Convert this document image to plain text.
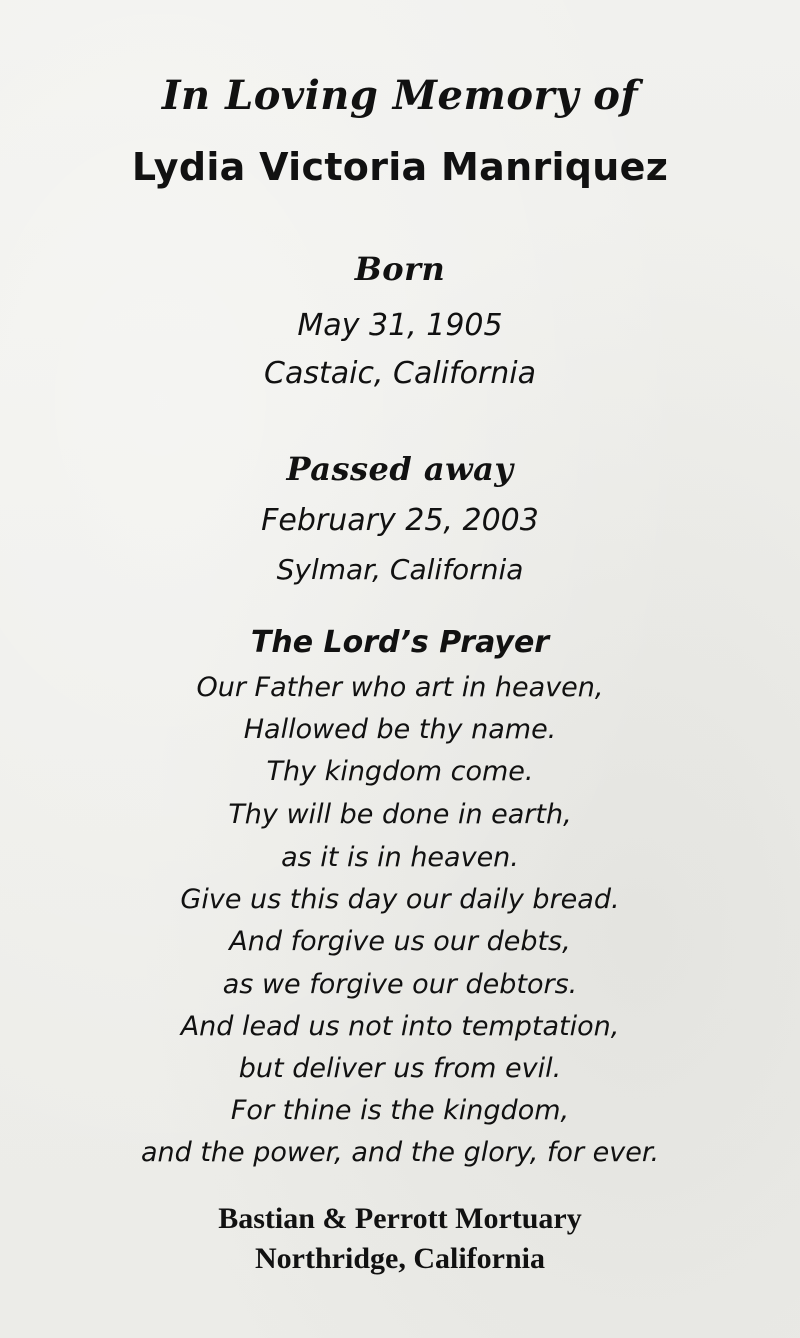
In Loving Memory of

Lydia Victoria Manriquez

Born

May 31, 1905

Castaic, California

Passed away

February 25, 2003

Sylmar, California

The Lord’s Prayer

Our Father who art in heaven,

Hallowed be thy name.

Thy kingdom come.

Thy will be done in earth,

as it is in heaven.

Give us this day our daily bread.

And forgive us our debts,

as we forgive our debtors.

And lead us not into temptation,

but deliver us from evil.

For thine is the kingdom,

and the power, and the glory, for ever.

Bastian & Perrott Mortuary

Northridge, California
